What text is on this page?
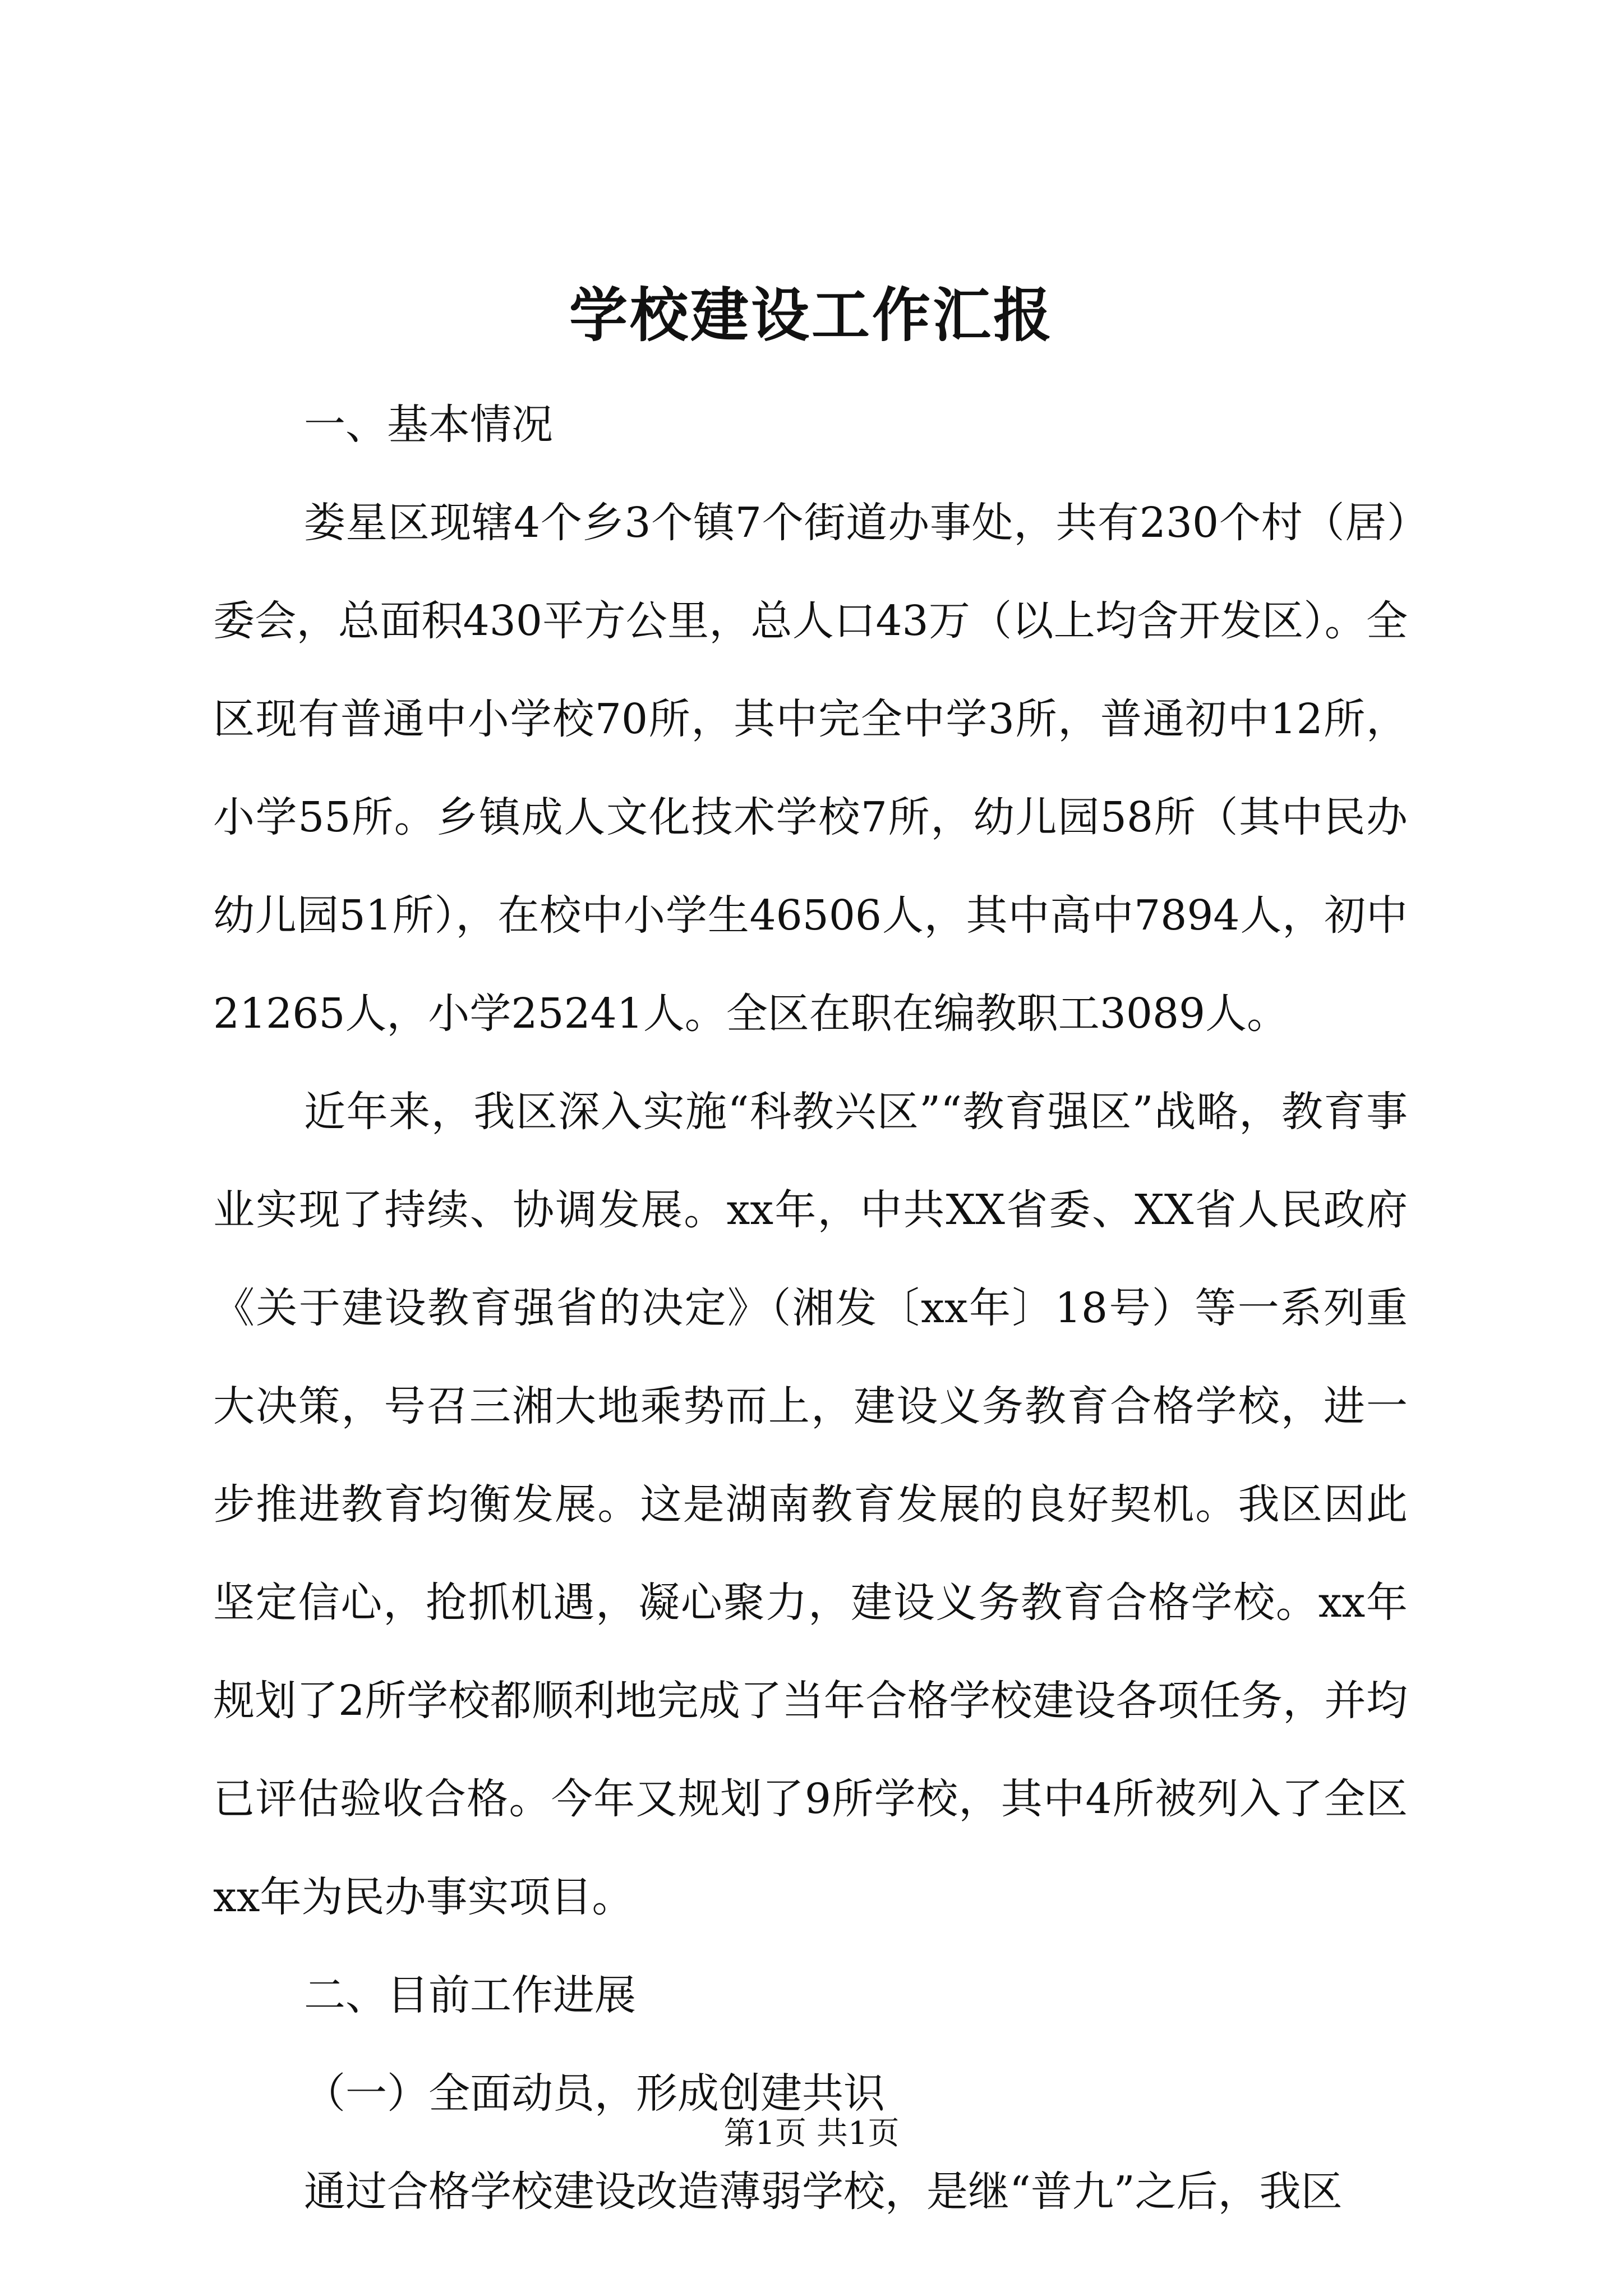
学校建设工作汇报

一、基本情况

娄星区现辖4个乡3个镇7个街道办事处，共有230个村（居）委会，总面积430平方公里，总人口43万（以上均含开发区）。全区现有普通中小学校70所，其中完全中学3所，普通初中12所，小学55所。乡镇成人文化技术学校7所，幼儿园58所（其中民办幼儿园51所），在校中小学生46506人，其中高中7894人，初中21265人，小学25241人。全区在职在编教职工3089人。

近年来，我区深入实施“科教兴区”“教育强区”战略，教育事业实现了持续、协调发展。xx年，中共XX省委、XX省人民政府《关于建设教育强省的决定》（湘发〔xx年〕18号）等一系列重大决策，号召三湘大地乘势而上，建设义务教育合格学校，进一步推进教育均衡发展。这是湖南教育发展的良好契机。我区因此坚定信心，抢抓机遇，凝心聚力，建设义务教育合格学校。xx年规划了2所学校都顺利地完成了当年合格学校建设各项任务，并均已评估验收合格。今年又规划了9所学校，其中4所被列入了全区xx年为民办事实项目。

二、目前工作进展

（一）全面动员，形成创建共识

通过合格学校建设改造薄弱学校，是继“普九”之后，我区

第1页 共1页
